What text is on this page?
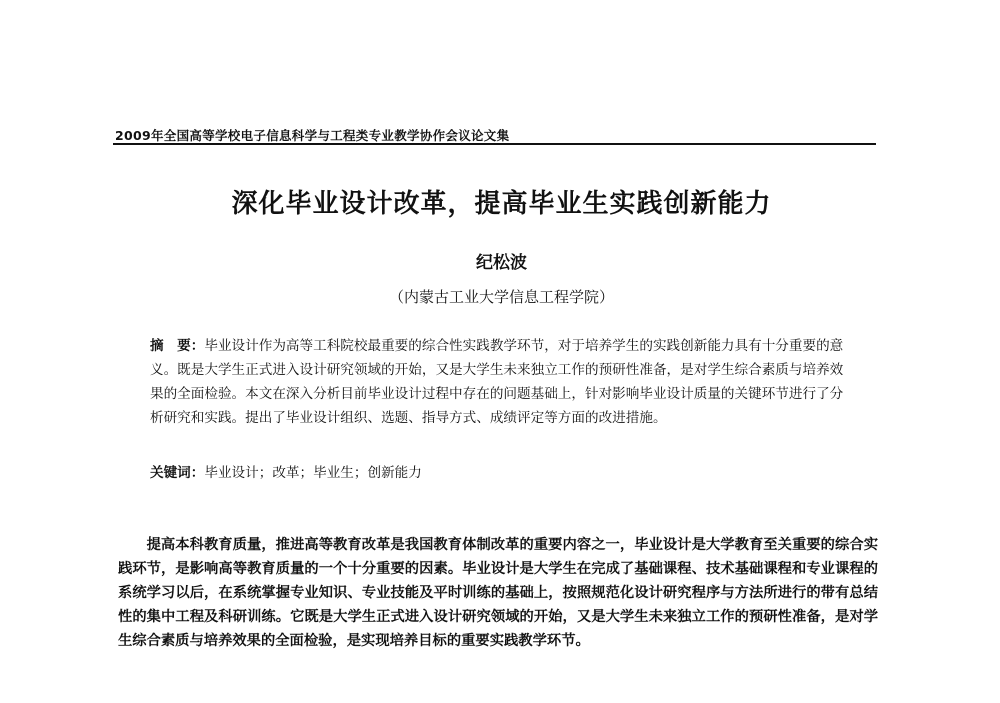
2009年全国高等学校电子信息科学与工程类专业教学协作会议论文集
深化毕业设计改革，提高毕业生实践创新能力
纪松波
（内蒙古工业大学信息工程学院）

摘　要：毕业设计作为高等工科院校最重要的综合性实践教学环节，对于培养学生的实践创新能力具有十分重要的意义。既是大学生正式进入设计研究领域的开始，又是大学生未来独立工作的预研性准备，是对学生综合素质与培养效果的全面检验。本文在深入分析目前毕业设计过程中存在的问题基础上，针对影响毕业设计质量的关键环节进行了分析研究和实践。提出了毕业设计组织、选题、指导方式、成绩评定等方面的改进措施。

关键词：毕业设计；改革；毕业生；创新能力

提高本科教育质量，推进高等教育改革是我国教育体制改革的重要内容之一，毕业设计是大学教育至关重要的综合实践环节，是影响高等教育质量的一个十分重要的因素。毕业设计是大学生在完成了基础课程、技术基础课程和专业课程的系统学习以后，在系统掌握专业知识、专业技能及平时训练的基础上，按照规范化设计研究程序与方法所进行的带有总结性的集中工程及科研训练。它既是大学生正式进入设计研究领域的开始，又是大学生未来独立工作的预研性准备，是对学生综合素质与培养效果的全面检验，是实现培养目标的重要实践教学环节。
